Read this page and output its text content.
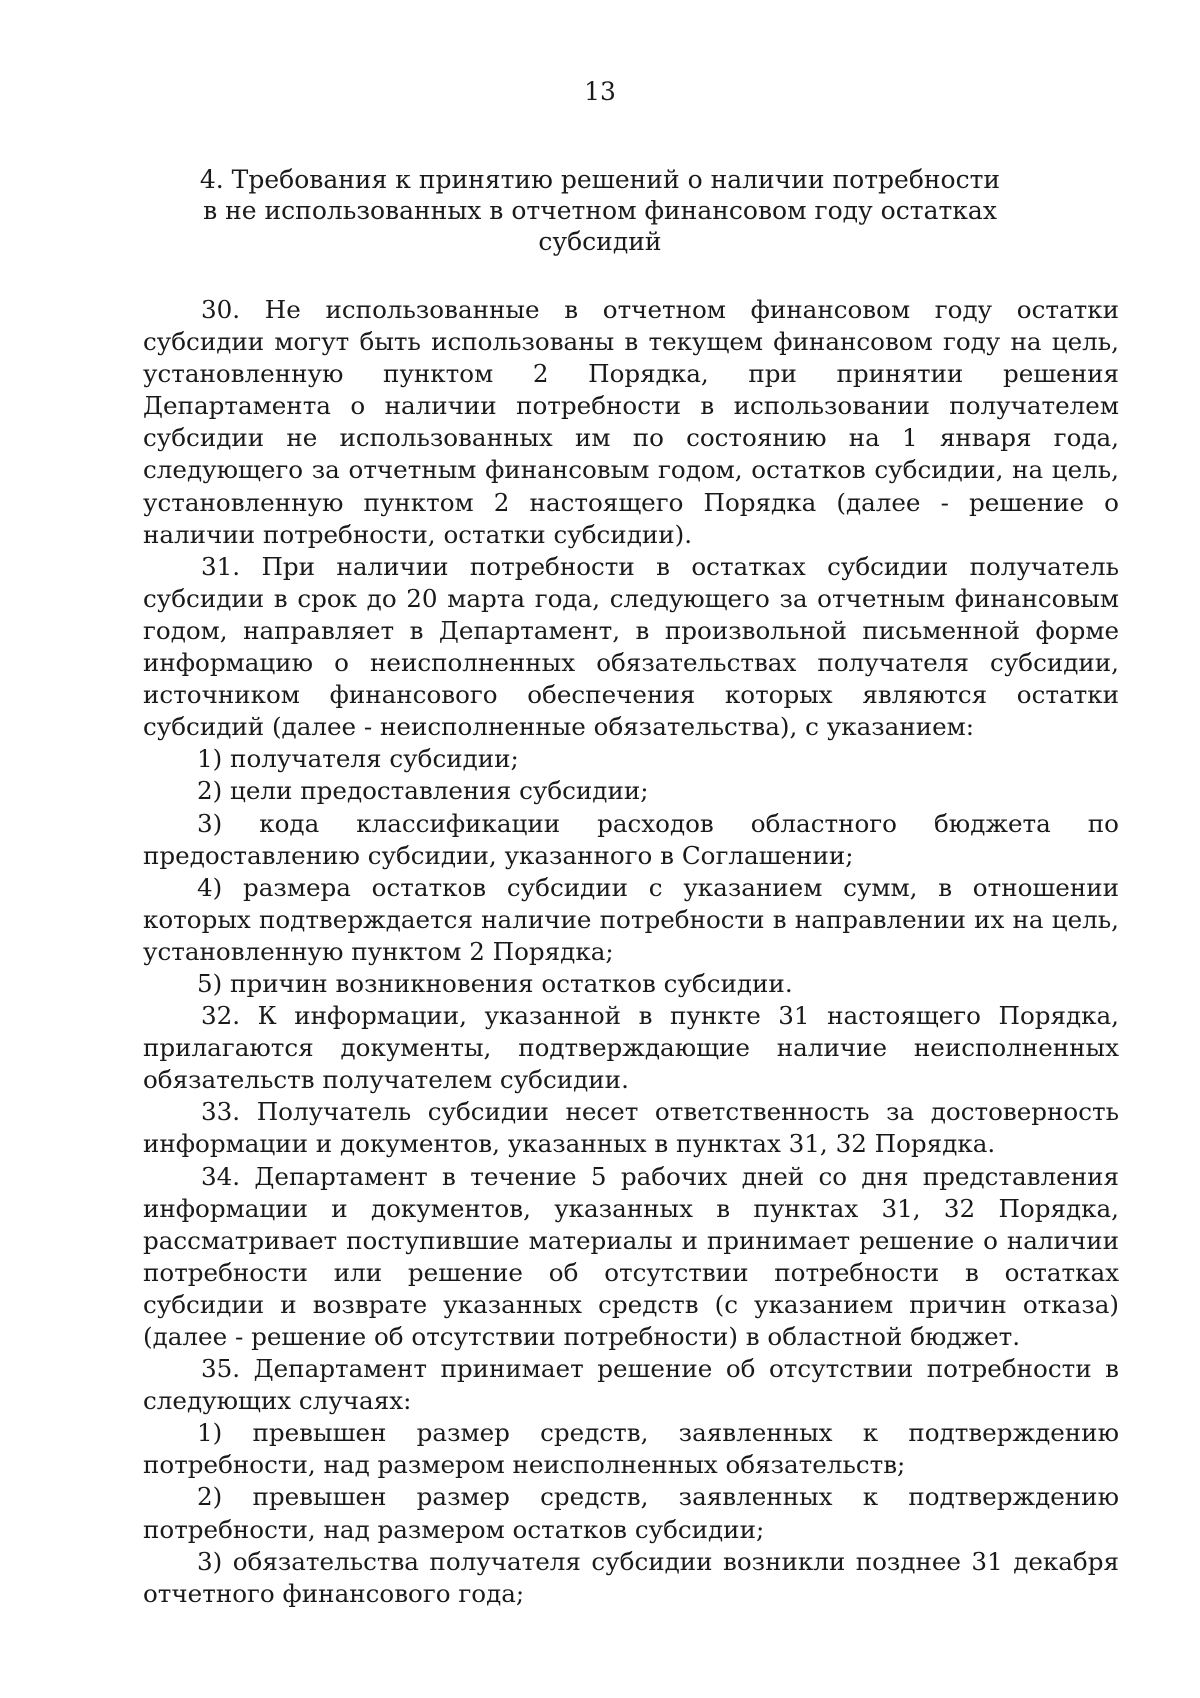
13
4. Требования к принятию решений о наличии потребности
в не использованных в отчетном финансовом году остатках
субсидий

30. Не использованные в отчетном финансовом году остатки субсидии могут быть использованы в текущем финансовом году на цель, установленную пунктом 2 Порядка, при принятии решения Департамента о наличии потребности в использовании получателем субсидии не использованных им по состоянию на 1 января года, следующего за отчетным финансовым годом, остатков субсидии, на цель, установленную пунктом 2 настоящего Порядка (далее - решение о наличии потребности, остатки субсидии).

31. При наличии потребности в остатках субсидии получатель субсидии в срок до 20 марта года, следующего за отчетным финансовым годом, направляет в Департамент, в произвольной письменной форме информацию о неисполненных обязательствах получателя субсидии, источником финансового обеспечения которых являются остатки субсидий (далее - неисполненные обязательства), с указанием:

1) получателя субсидии;

2) цели предоставления субсидии;

3) кода классификации расходов областного бюджета по предоставлению субсидии, указанного в Соглашении;

4) размера остатков субсидии с указанием сумм, в отношении которых подтверждается наличие потребности в направлении их на цель, установленную пунктом 2 Порядка;

5) причин возникновения остатков субсидии.

32. К информации, указанной в пункте 31 настоящего Порядка, прилагаются документы, подтверждающие наличие неисполненных обязательств получателем субсидии.

33. Получатель субсидии несет ответственность за достоверность информации и документов, указанных в пунктах 31, 32 Порядка.

34. Департамент в течение 5 рабочих дней со дня представления информации и документов, указанных в пунктах 31, 32 Порядка, рассматривает поступившие материалы и принимает решение о наличии потребности или решение об отсутствии потребности в остатках субсидии и возврате указанных средств (с указанием причин отказа) (далее - решение об отсутствии потребности) в областной бюджет.

35. Департамент принимает решение об отсутствии потребности в следующих случаях:

1) превышен размер средств, заявленных к подтверждению потребности, над размером неисполненных обязательств;

2) превышен размер средств, заявленных к подтверждению потребности, над размером остатков субсидии;

3) обязательства получателя субсидии возникли позднее 31 декабря отчетного финансового года;
